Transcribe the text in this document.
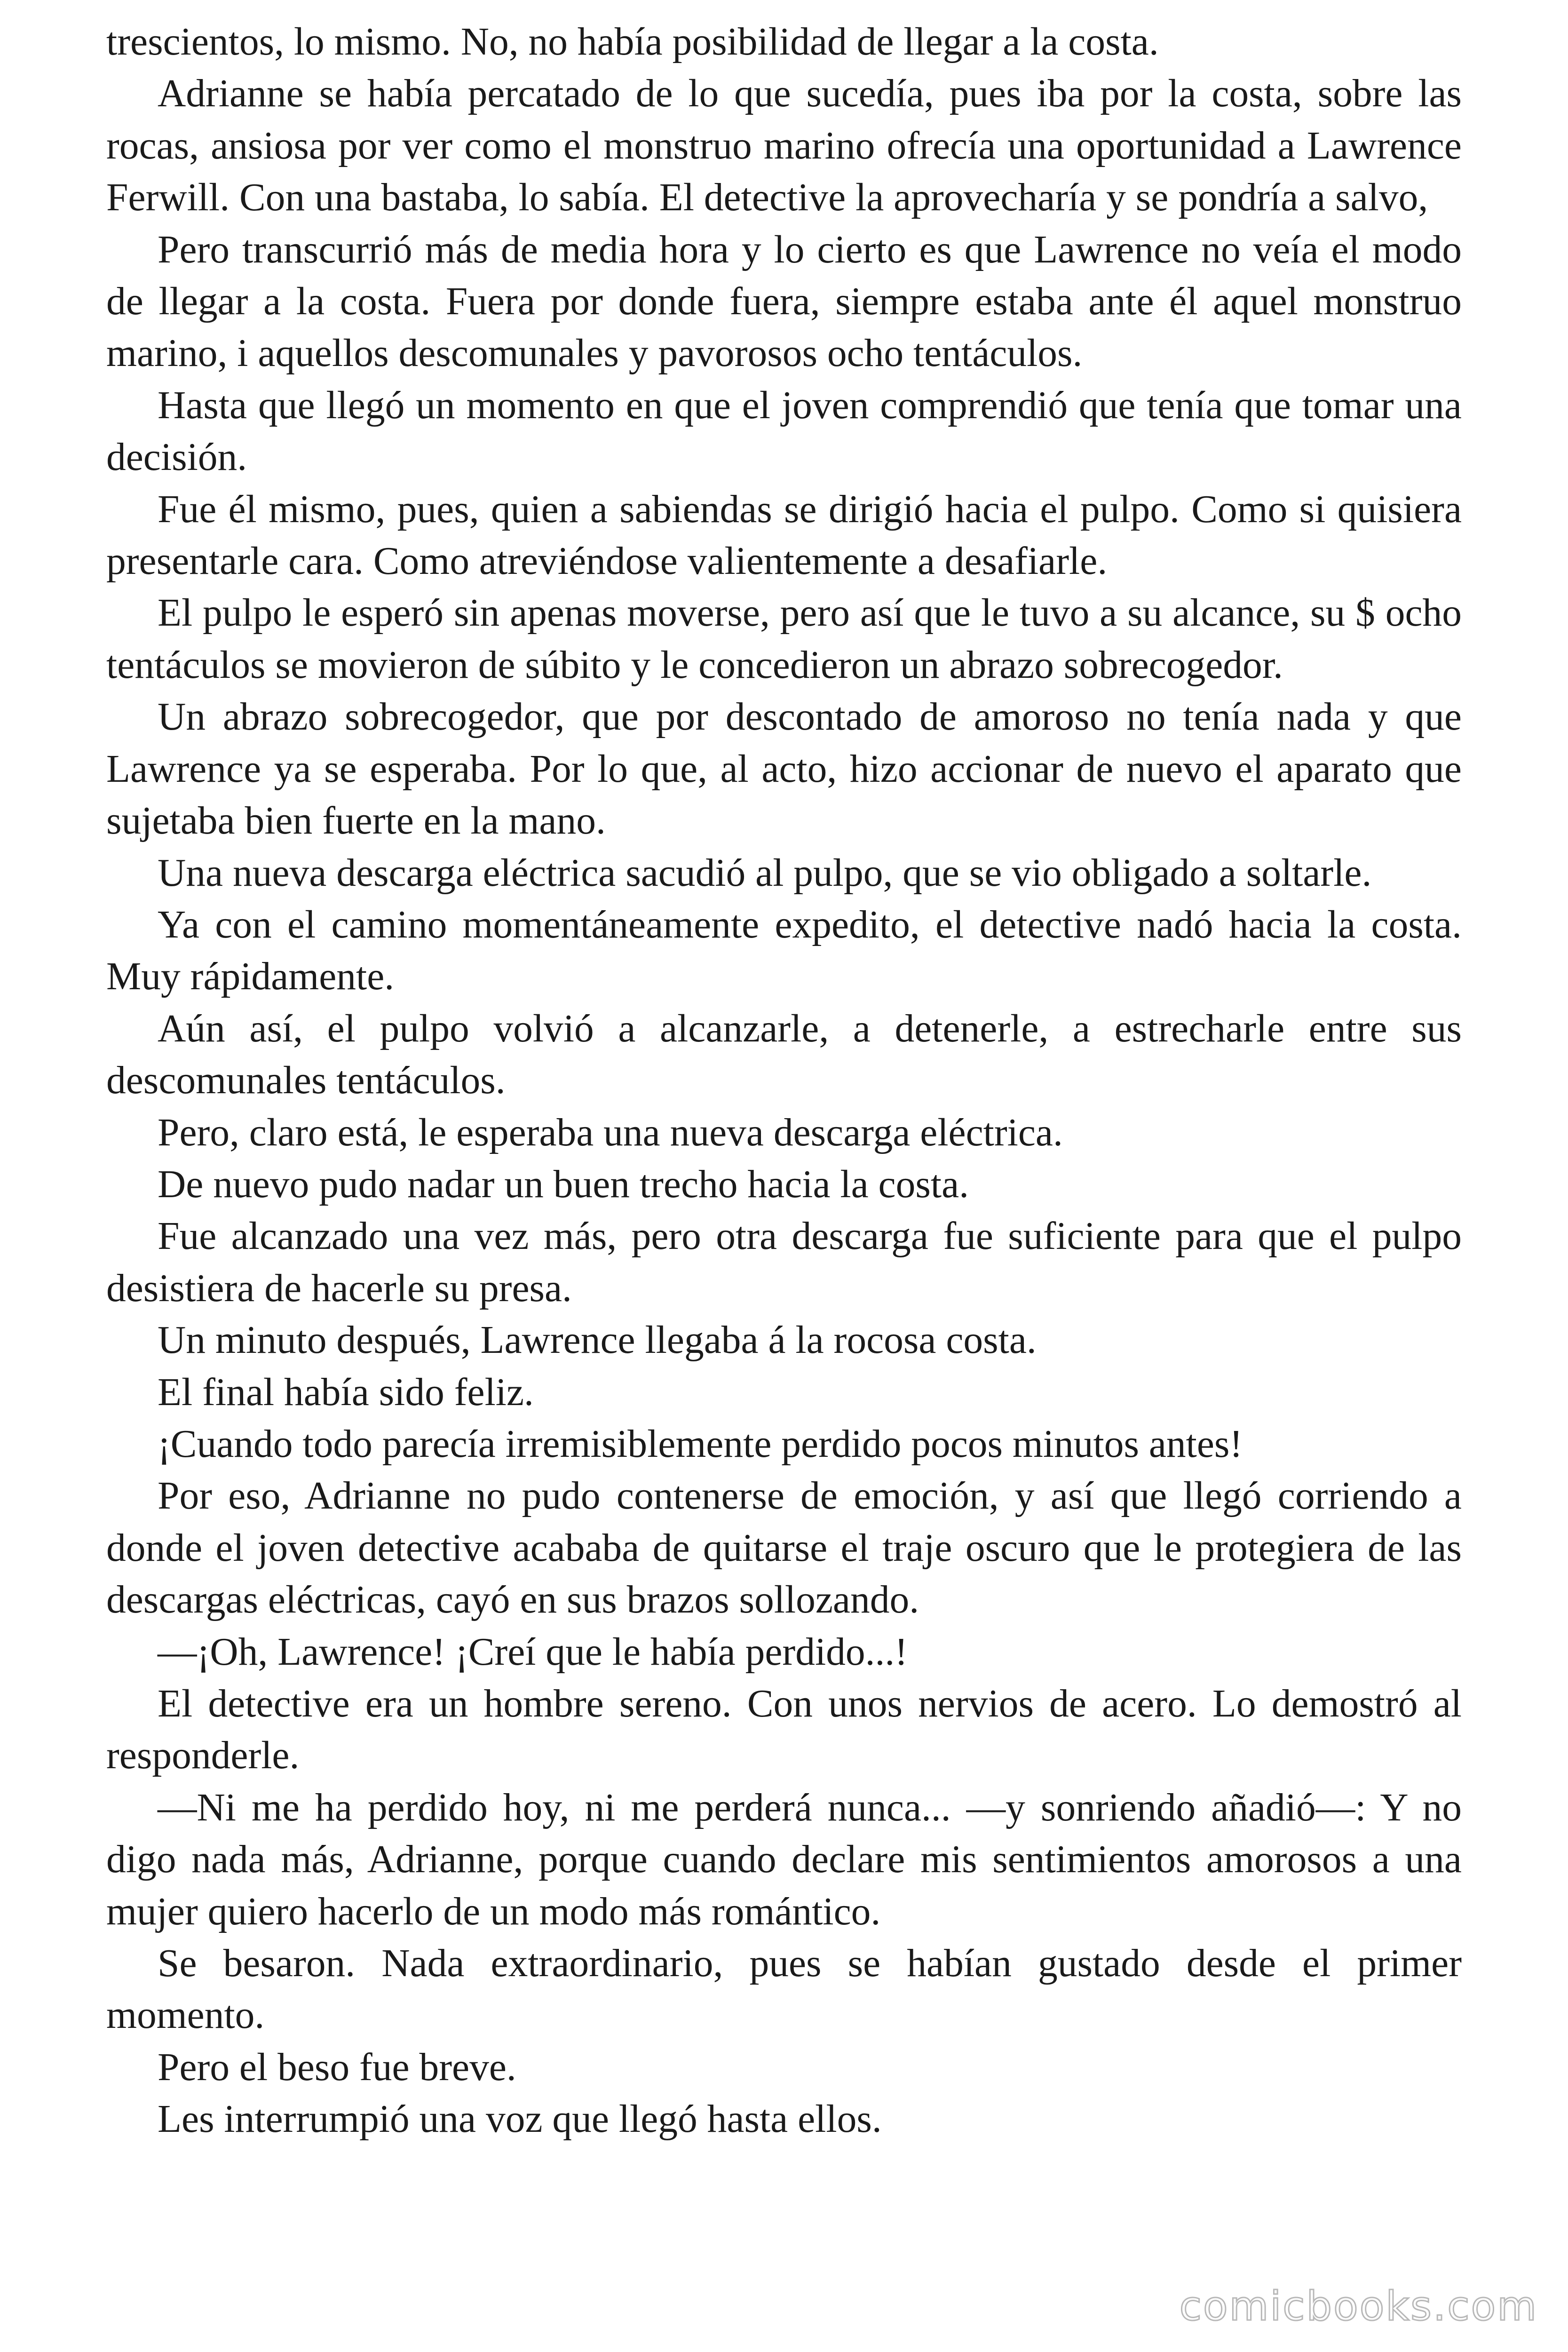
trescientos, lo mismo. No, no había posibilidad de llegar a la costa.

Adrianne se había percatado de lo que sucedía, pues iba por la costa, sobre las rocas, ansiosa por ver como el monstruo marino ofrecía una oportunidad a Lawrence Ferwill. Con una bastaba, lo sabía. El detective la aprovecharía y se pondría a salvo,

Pero transcurrió más de media hora y lo cierto es que Lawrence no veía el modo de llegar a la costa. Fuera por donde fuera, siempre estaba ante él aquel monstruo marino, i aquellos descomunales y pavorosos ocho tentáculos.

Hasta que llegó un momento en que el joven comprendió que tenía que tomar una decisión.

Fue él mismo, pues, quien a sabiendas se dirigió hacia el pulpo. Como si quisiera presentarle cara. Como atreviéndose valientemente a desafiarle.

El pulpo le esperó sin apenas moverse, pero así que le tuvo a su alcance, su $ ocho tentáculos se movieron de súbito y le concedieron un abrazo sobrecogedor.

Un abrazo sobrecogedor, que por descontado de amoroso no tenía nada y que Lawrence ya se esperaba. Por lo que, al acto, hizo accionar de nuevo el aparato que sujetaba bien fuerte en la mano.

Una nueva descarga eléctrica sacudió al pulpo, que se vio obligado a soltarle.

Ya con el camino momentáneamente expedito, el detective nadó hacia la costa. Muy rápidamente.

Aún así, el pulpo volvió a alcanzarle, a detenerle, a estrecharle entre sus descomunales tentáculos.

Pero, claro está, le esperaba una nueva descarga eléctrica.

De nuevo pudo nadar un buen trecho hacia la costa.

Fue alcanzado una vez más, pero otra descarga fue suficiente para que el pulpo desistiera de hacerle su presa.

Un minuto después, Lawrence llegaba á la rocosa costa.

El final había sido feliz.

¡Cuando todo parecía irremisiblemente perdido pocos minutos antes!

Por eso, Adrianne no pudo contenerse de emoción, y así que llegó corriendo a donde el joven detective acababa de quitarse el traje oscuro que le protegiera de las descargas eléctricas, cayó en sus brazos sollozando.

—¡Oh, Lawrence! ¡Creí que le había perdido...!

El detective era un hombre sereno. Con unos nervios de acero. Lo demostró al responderle.

—Ni me ha perdido hoy, ni me perderá nunca... —y sonriendo añadió—: Y no digo nada más, Adrianne, porque cuando declare mis sentimientos amorosos a una mujer quiero hacerlo de un modo más romántico.

Se besaron. Nada extraordinario, pues se habían gustado desde el primer momento.

Pero el beso fue breve.

Les interrumpió una voz que llegó hasta ellos.

comicbooks.com
